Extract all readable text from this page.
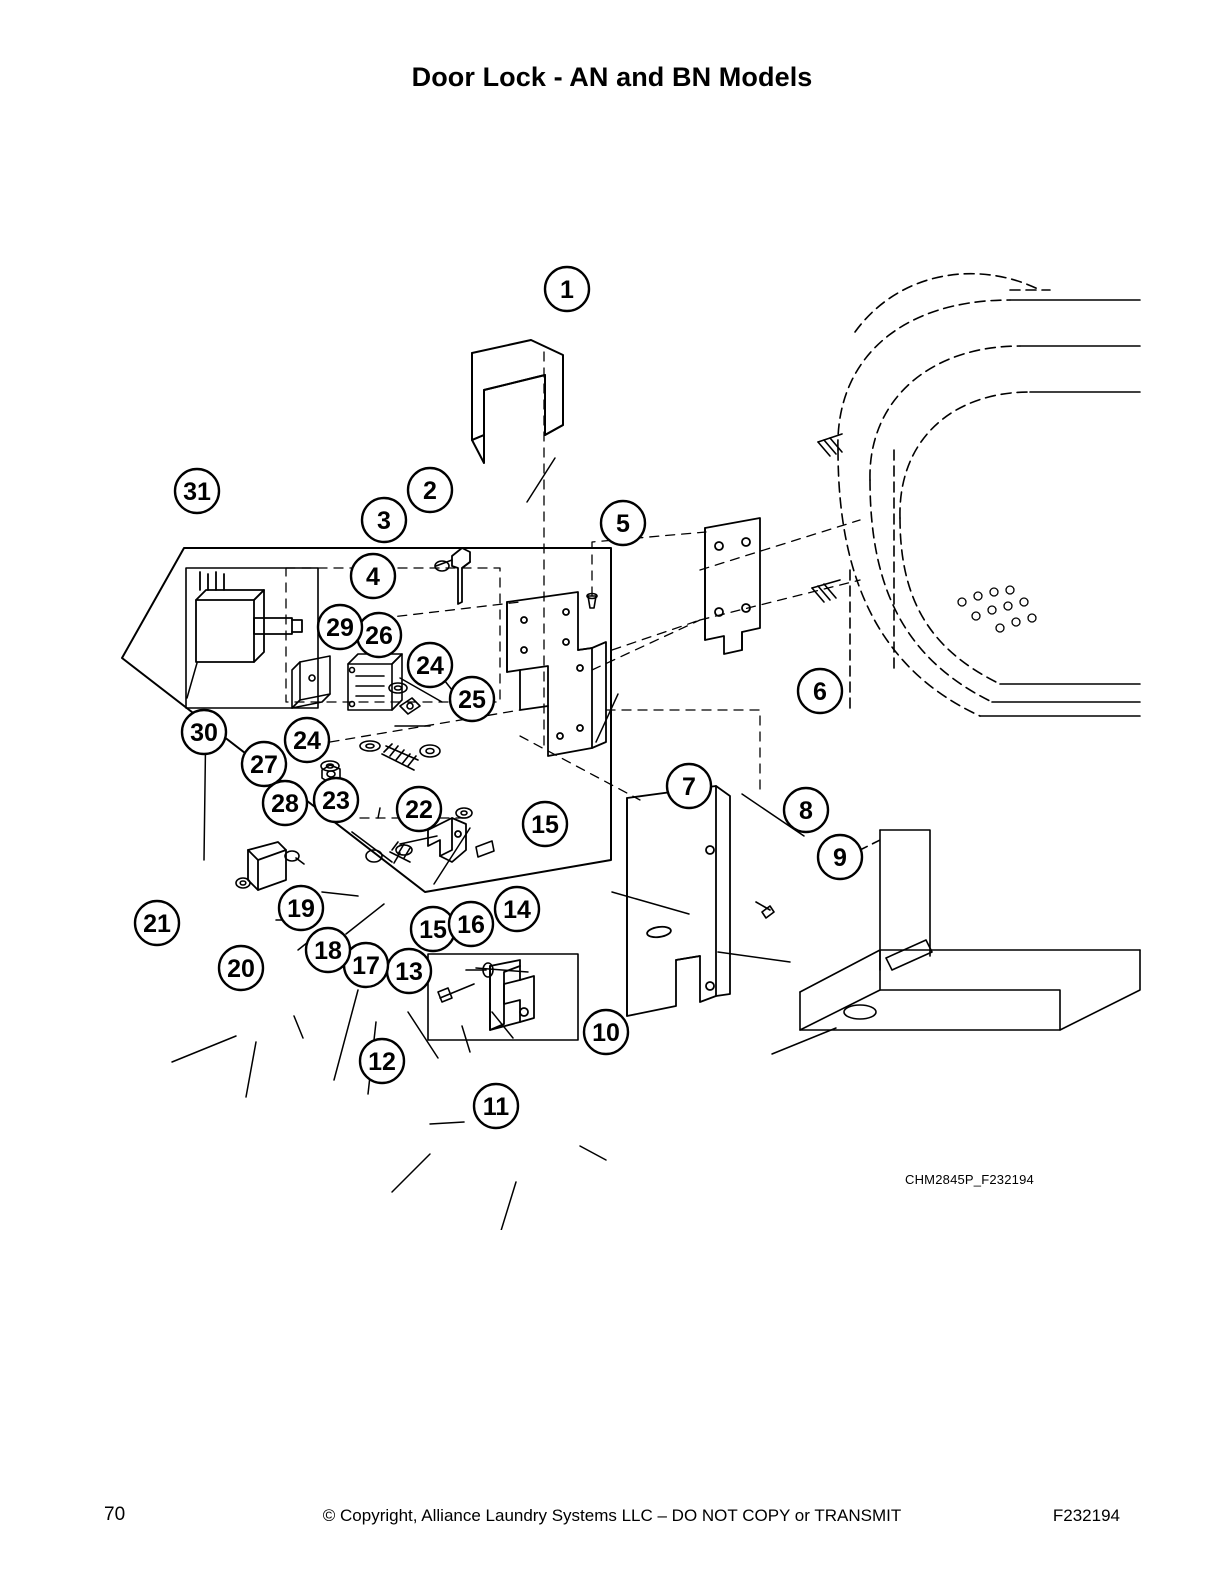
Door Lock - AN and BN Models
1
2
3
4
5
6
7
8
9
10
11
12
13
14
15
15 16
17
18
19
20
21
22
23
24
24
25
26
27
28
29
30
31
CHM2845P_F232194
70	© Copyright, Alliance Laundry Systems LLC – DO NOT COPY or TRANSMIT	F232194
